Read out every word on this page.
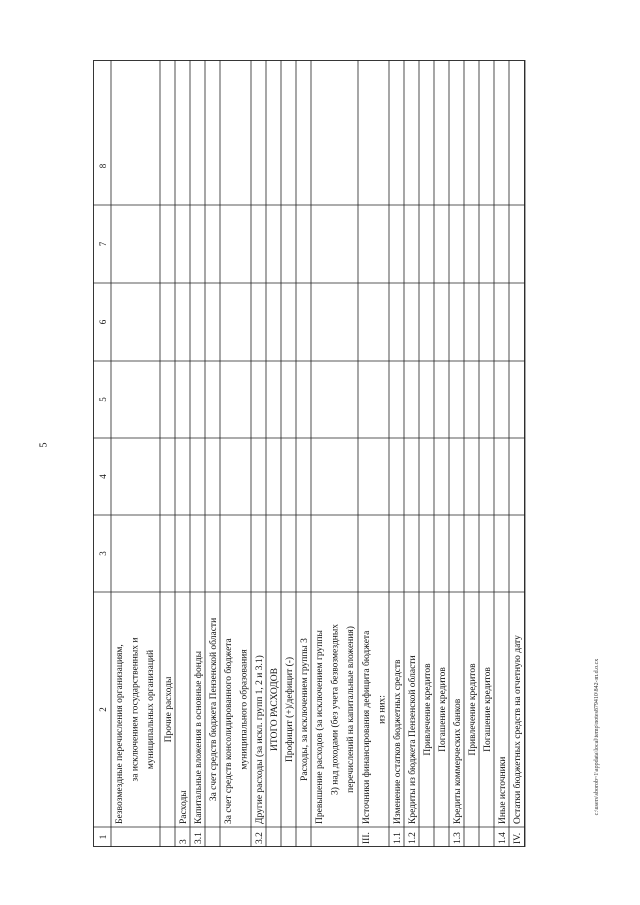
5
1
2
3
4
5
6
7
8
Безвозмездные перечисления организациям, за исключением государственных и муниципальных организаций Прочие расходы
3
Расходы
3.1
Капитальные вложения в основные фонды За счет средств бюджета Пензенской области За счет средств консолидированного бюджета муниципального образования
3.2
Другие расходы (за искл. групп 1, 2 и 3.1) ИТОГО РАСХОДОВ Профицит (+)/дефицит (-) Расходы, за исключением группы 3 Превышение расходов (за исключением группы 3) над доходами (без учета безвозмездных перечислений на капитальные вложения)
III.
Источники финансирования дефицита бюджета из них:
1.1
Изменение остатков бюджетных средств
1.2
Кредиты из бюджета Пензенской области Привлечение кредитов Погашение кредитов
1.3
Кредиты коммерческих банков Привлечение кредитов Погашение кредитов
1.4
Иные источники
IV.
Остатки бюджетных средств на отчетную дату	c:\users\sborob~1\appdata\local\temp\notes879410\842-зп.d.o.cx
